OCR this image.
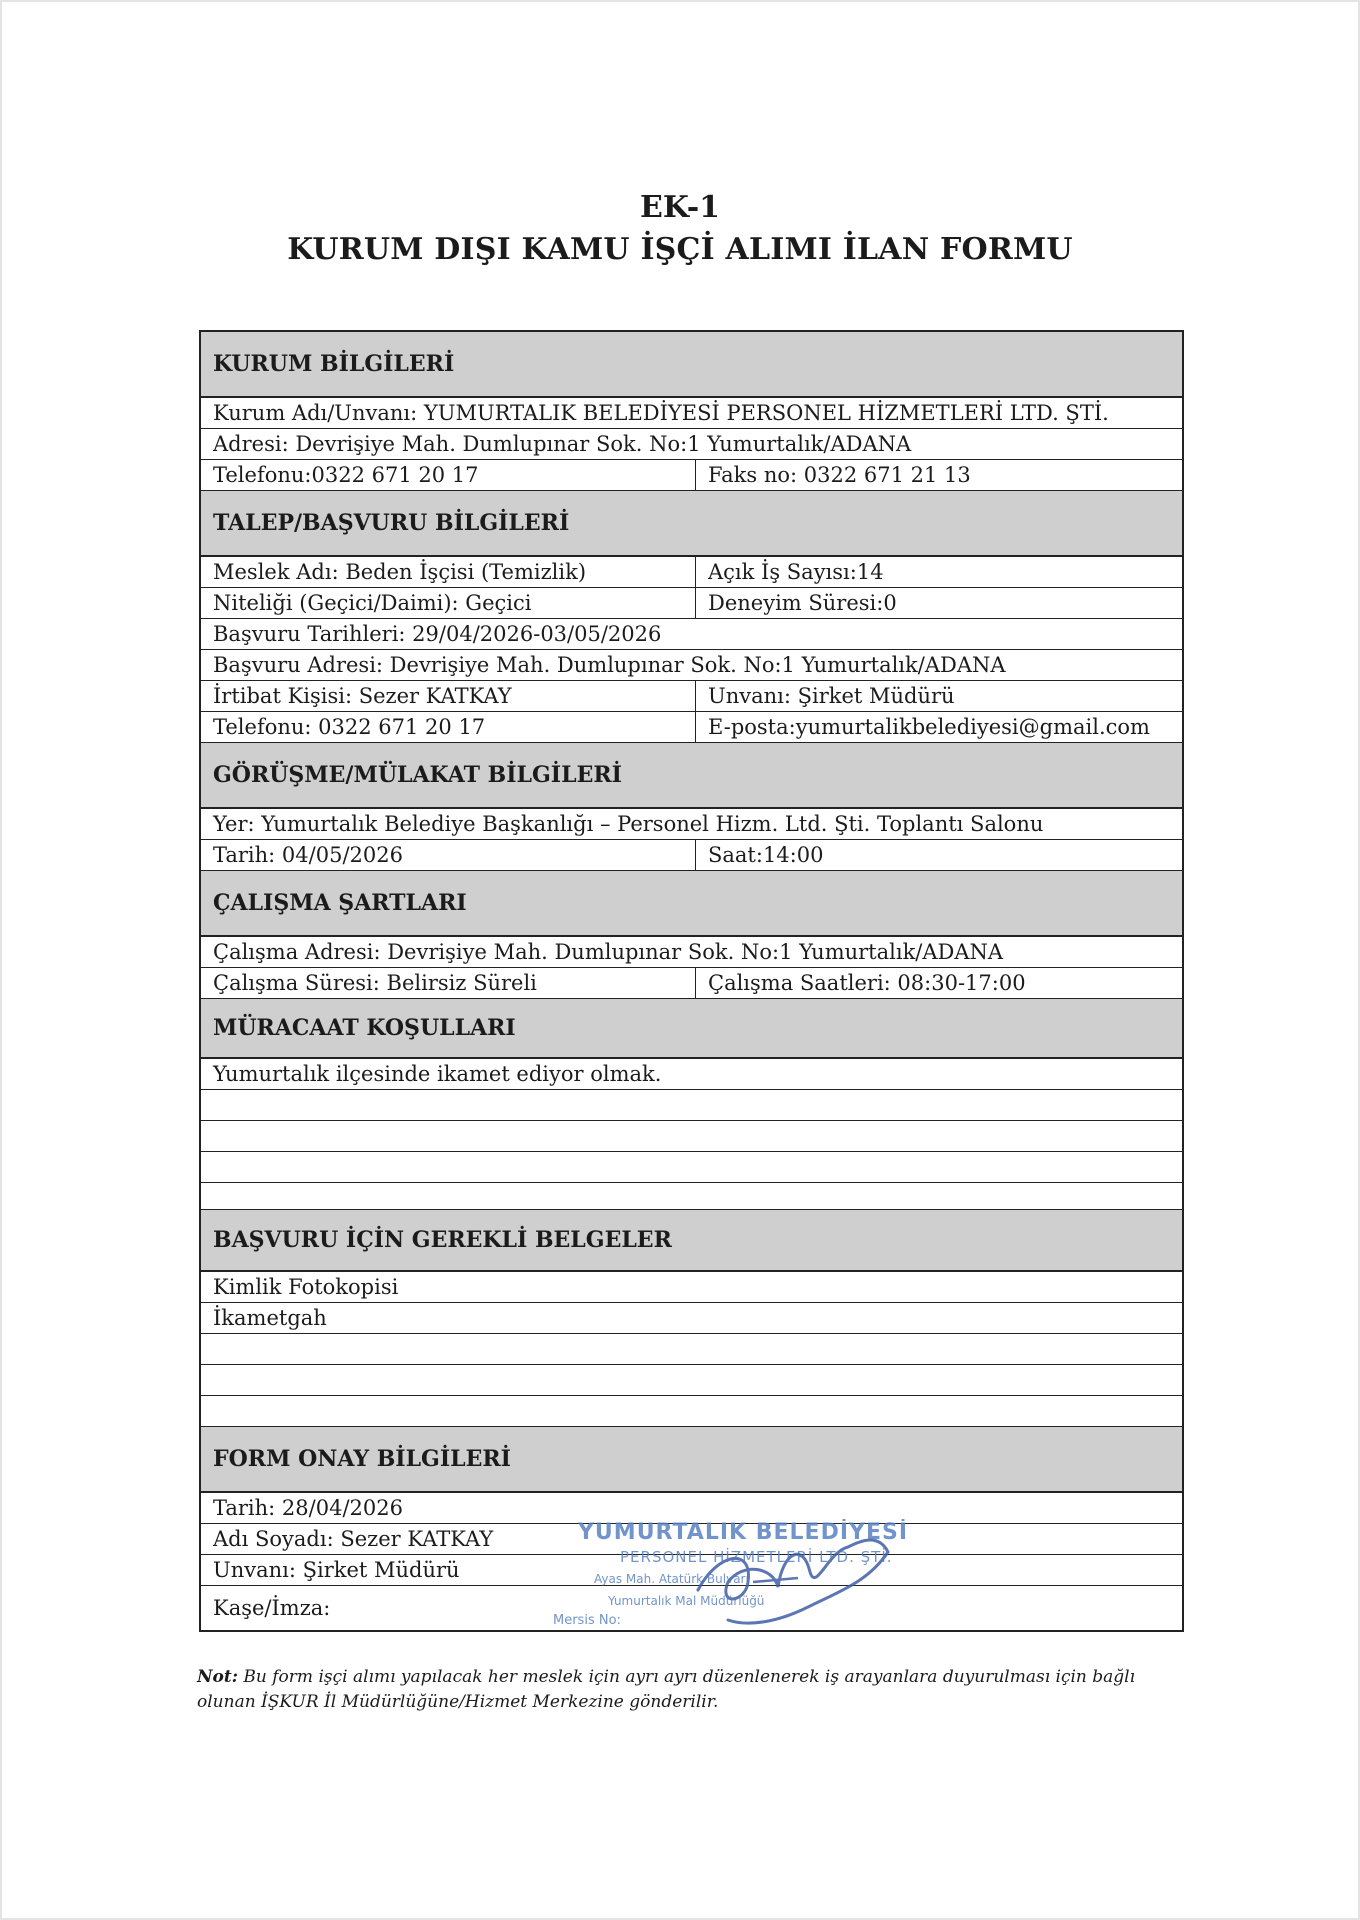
EK-1
KURUM DIŞI KAMU İŞÇİ ALIMI İLAN FORMU
KURUM BİLGİLERİ
Kurum Adı/Unvanı: YUMURTALIK BELEDİYESİ PERSONEL HİZMETLERİ LTD. ŞTİ.
Adresi: Devrişiye Mah. Dumlupınar Sok. No:1 Yumurtalık/ADANA
Telefonu:0322 671 20 17	Faks no: 0322 671 21 13
TALEP/BAŞVURU BİLGİLERİ
Meslek Adı: Beden İşçisi (Temizlik)	Açık İş Sayısı:14
Niteliği (Geçici/Daimi): Geçici	Deneyim Süresi:0
Başvuru Tarihleri: 29/04/2026-03/05/2026
Başvuru Adresi: Devrişiye Mah. Dumlupınar Sok. No:1 Yumurtalık/ADANA
İrtibat Kişisi: Sezer KATKAY	Unvanı: Şirket Müdürü
Telefonu: 0322 671 20 17	E-posta:yumurtalikbelediyesi@gmail.com
GÖRÜŞME/MÜLAKAT BİLGİLERİ
Yer: Yumurtalık Belediye Başkanlığı – Personel Hizm. Ltd. Şti. Toplantı Salonu
Tarih: 04/05/2026	Saat:14:00
ÇALIŞMA ŞARTLARI
Çalışma Adresi: Devrişiye Mah. Dumlupınar Sok. No:1 Yumurtalık/ADANA
Çalışma Süresi: Belirsiz Süreli	Çalışma Saatleri: 08:30-17:00
MÜRACAAT KOŞULLARI
Yumurtalık ilçesinde ikamet ediyor olmak.
BAŞVURU İÇİN GEREKLİ BELGELER
Kimlik Fotokopisi
İkametgah
FORM ONAY BİLGİLERİ
Tarih: 28/04/2026
Adı Soyadı: Sezer KATKAY
Unvanı: Şirket Müdürü
Kaşe/İmza:
YUMURTALIK BELEDİYESİ
PERSONEL HİZMETLERİ LTD. ŞTİ.
Ayas Mah. Atatürk Bulvarı
Yumurtalık Mal Müdürlüğü
Mersis No:
Not: Bu form işçi alımı yapılacak her meslek için ayrı ayrı düzenlenerek iş arayanlara duyurulması için bağlı olunan İŞKUR İl Müdürlüğüne/Hizmet Merkezine gönderilir.
